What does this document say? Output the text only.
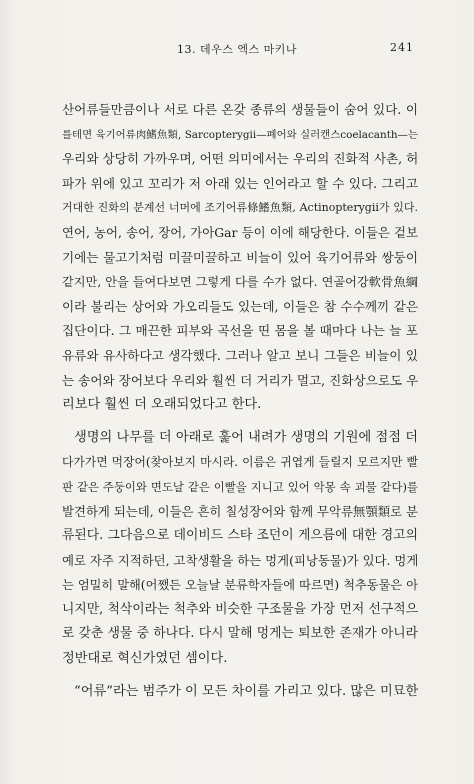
13. 데우스 엑스 마키나	241
산어류들만큼이나 서로 다른 온갖 종류의 생물들이 숨어 있다. 이
를테면 육기어류肉鰭魚類, Sarcopterygii—폐어와 실러캔스coelacanth—는
우리와 상당히 가까우며, 어떤 의미에서는 우리의 진화적 사촌, 허
파가 위에 있고 꼬리가 저 아래 있는 인어라고 할 수 있다. 그리고
거대한 진화의 분계선 너머에 조기어류條鰭魚類, Actinopterygii가 있다.
연어, 농어, 송어, 장어, 가아Gar 등이 이에 해당한다. 이들은 겉보
기에는 물고기처럼 미끌미끌하고 비늘이 있어 육기어류와 쌍둥이
같지만, 안을 들여다보면 그렇게 다를 수가 없다. 연골어강軟骨魚綱
이라 불리는 상어와 가오리들도 있는데, 이들은 참 수수께끼 같은
집단이다. 그 매끈한 피부와 곡선을 띤 몸을 볼 때마다 나는 늘 포
유류와 유사하다고 생각했다. 그러나 알고 보니 그들은 비늘이 있
는 송어와 장어보다 우리와 훨씬 더 거리가 멀고, 진화상으로도 우
리보다 훨씬 더 오래되었다고 한다.
생명의 나무를 더 아래로 훑어 내려가 생명의 기원에 점점 더
다가가면 먹장어(찾아보지 마시라. 이름은 귀엽게 들릴지 모르지만 빨
판 같은 주둥이와 면도날 같은 이빨을 지니고 있어 악몽 속 괴물 같다)를
발견하게 되는데, 이들은 흔히 칠성장어와 함께 무악류無顎類로 분
류된다. 그다음으로 데이비드 스타 조던이 게으름에 대한 경고의
예로 자주 지적하던, 고착생활을 하는 멍게(피낭동물)가 있다. 멍게
는 엄밀히 말해(어쨌든 오늘날 분류학자들에 따르면) 척추동물은 아
니지만, 척삭이라는 척추와 비슷한 구조물을 가장 먼저 선구적으
로 갖춘 생물 중 하나다. 다시 말해 멍게는 퇴보한 존재가 아니라
정반대로 혁신가였던 셈이다.
“어류”라는 범주가 이 모든 차이를 가리고 있다. 많은 미묘한
